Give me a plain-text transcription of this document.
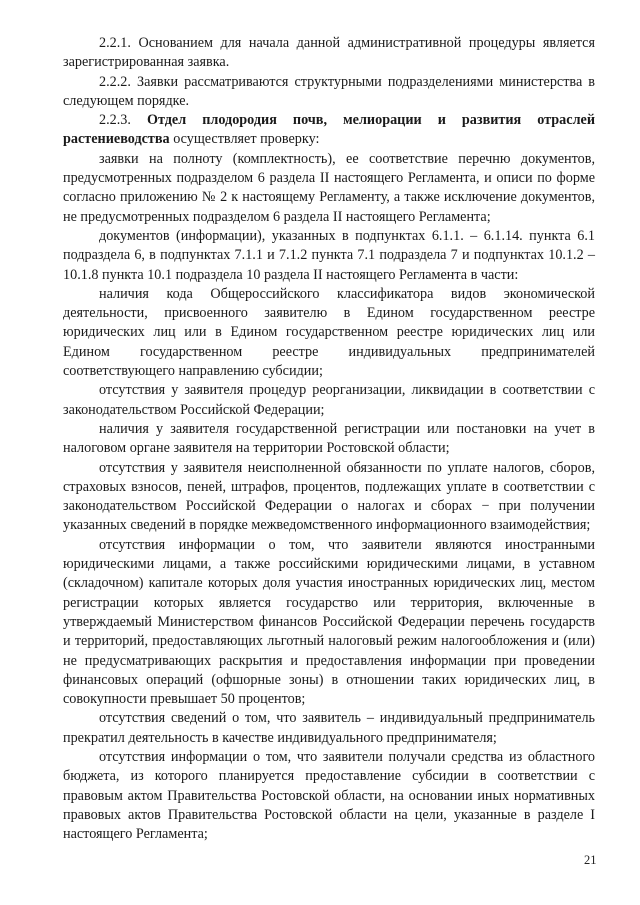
2.2.1. Основанием для начала данной административной процедуры является зарегистрированная заявка.

2.2.2. Заявки рассматриваются структурными подразделениями министерства в следующем порядке.

2.2.3. Отдел плодородия почв, мелиорации и развития отраслей растениеводства осуществляет проверку:

заявки на полноту (комплектность), ее соответствие перечню документов, предусмотренных подразделом 6 раздела II настоящего Регламента, и описи по форме согласно приложению № 2 к настоящему Регламенту, а также исключение документов, не предусмотренных подразделом 6 раздела II настоящего Регламента;

документов (информации), указанных в подпунктах 6.1.1. – 6.1.14. пункта 6.1 подраздела 6, в подпунктах 7.1.1 и 7.1.2 пункта 7.1 подраздела 7 и подпунктах 10.1.2 – 10.1.8 пункта 10.1 подраздела 10 раздела II настоящего Регламента в части:

наличия кода Общероссийского классификатора видов экономической деятельности, присвоенного заявителю в Едином государственном реестре юридических лиц или в Едином государственном реестре юридических лиц или Едином государственном реестре индивидуальных предпринимателей соответствующего направлению субсидии;

отсутствия у заявителя процедур реорганизации, ликвидации в соответствии с законодательством Российской Федерации;

наличия у заявителя государственной регистрации или постановки на учет в налоговом органе заявителя на территории Ростовской области;

отсутствия у заявителя неисполненной обязанности по уплате налогов, сборов, страховых взносов, пеней, штрафов, процентов, подлежащих уплате в соответствии с законодательством Российской Федерации о налогах и сборах − при получении указанных сведений в порядке межведомственного информационного взаимодействия;

отсутствия информации о том, что заявители являются иностранными юридическими лицами, а также российскими юридическими лицами, в уставном (складочном) капитале которых доля участия иностранных юридических лиц, местом регистрации которых является государство или территория, включенные в утверждаемый Министерством финансов Российской Федерации перечень государств и территорий, предоставляющих льготный налоговый режим налогообложения и (или) не предусматривающих раскрытия и предоставления информации при проведении финансовых операций (офшорные зоны) в отношении таких юридических лиц, в совокупности превышает 50 процентов;

отсутствия сведений о том, что заявитель – индивидуальный предприниматель прекратил деятельность в качестве индивидуального предпринимателя;

отсутствия информации о том, что заявители получали средства из областного бюджета, из которого планируется предоставление субсидии в соответствии с правовым актом Правительства Ростовской области, на основании иных нормативных правовых актов Правительства Ростовской области на цели, указанные в разделе I настоящего Регламента;

21
